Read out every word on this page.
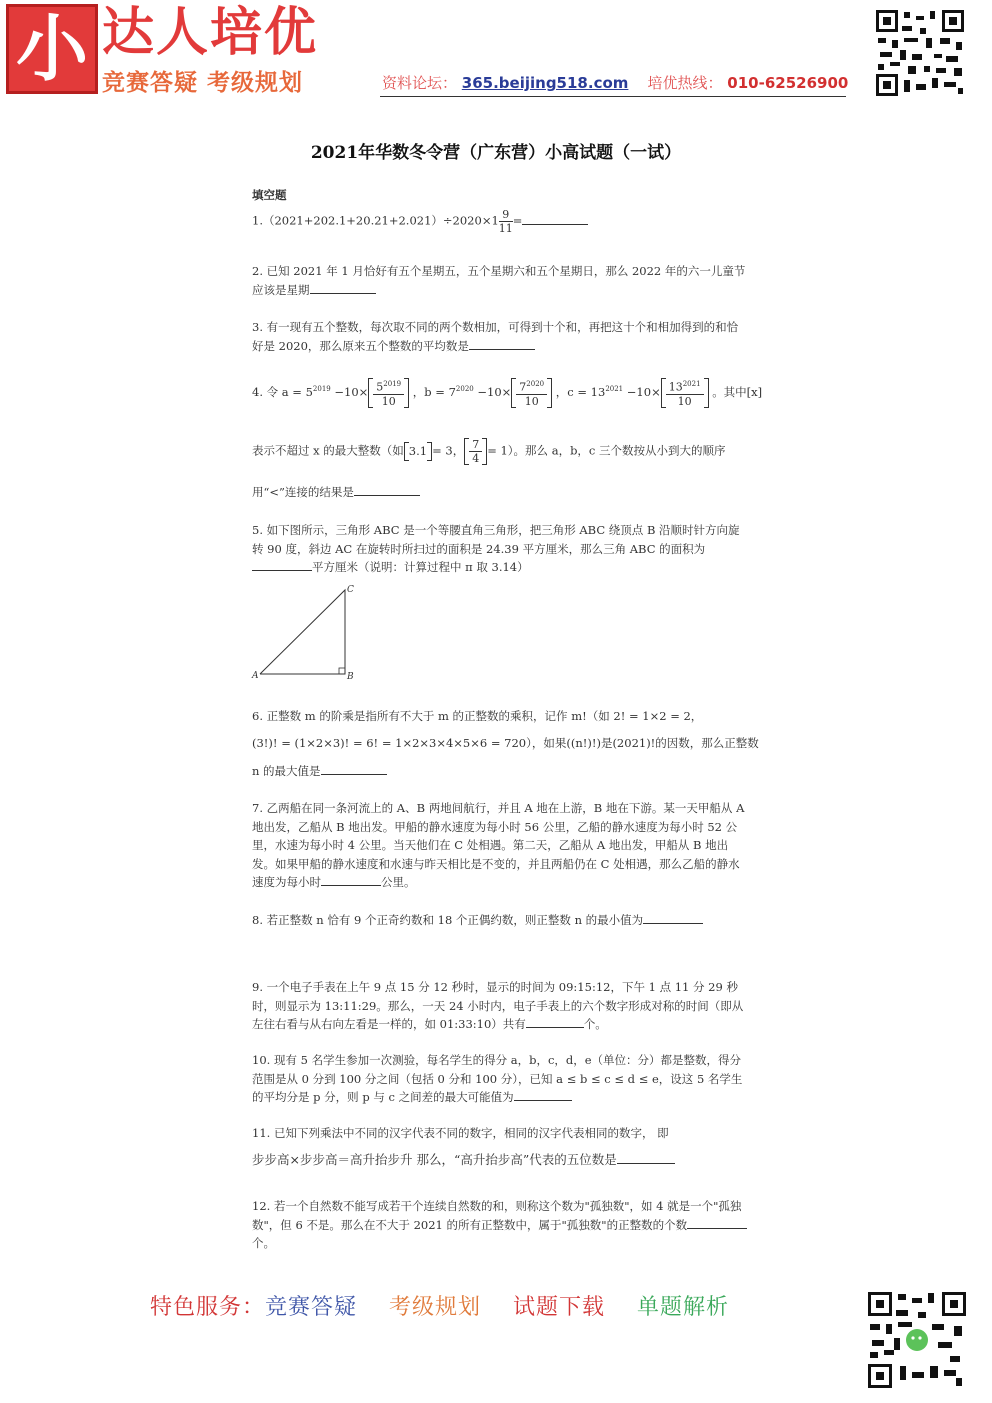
小 达人培优
竞赛答疑 考级规划	资料论坛： 365.beijing518.com 培优热线： 010-62526900
2021年华数冬令营（广东营）小高试题（一试）
填空题
$1.(2021+202.1+20.21+2.021)\div 2020\times 1 \frac{9}{11}$ =
2. 已知 2021 年 1 月恰好有五个星期五，五个星期六和五个星期日，那么 2022 年的六一儿童节应该是星期
3. 有一现有五个整数，每次取不同的两个数相加，可得到十个和，再把这十个和相加得到的和恰好是 2020，那么原来五个整数的平均数是
4. 令 $a = 5^{2019} -10\times \frac{5^{2019}}{10}$ ，$b = 7^{2020} -10\times \frac{7^{2020}}{10}$ ，$c = 13^{2021} -10\times \frac{13^{2021}}{10}$ 。其中[x]
表示不超过 x 的最大整数（如 3.1 = 3， $\frac{7}{4} = 1$）。那么 a，b，c 三个数按从小到大的顺序
用“<”连接的结果是
5. 如下图所示，三角形 ABC 是一个等腰直角三角形，把三角形 ABC 绕顶点 B 沿顺时针方向旋转 90 度，斜边 AC 在旋转时所扫过的面积是 24.39 平方厘米，那么三角 ABC 的面积为
平方厘米（说明：计算过程中 π 取 3.14）
A	B
C
6. 正整数 m 的阶乘是指所有不大于 m 的正整数的乘积，记作 m!（如 2! = 1×2 = 2，
(3!)! = (1×2×3)! = 6! = 1×2×3×4×5×6 = 720），如果((n!)!)是(2021)!的因数，那么正整数
n 的最大值是
7. 乙两船在同一条河流上的 A、B 两地间航行，并且 A 地在上游，B 地在下游。某一天甲船从 A 地出发，乙船从 B 地出发。甲船的静水速度为每小时 56 公里，乙船的静水速度为每小时 52 公里，水速为每小时 4 公里。当天他们在 C 处相遇。第二天，乙船从 A 地出发，甲船从 B 地出发。如果甲船的静水速度和水速与昨天相比是不变的，并且两船仍在 C 处相遇，那么乙船的静水速度为每小时	公里。
8. 若正整数 n 恰有 9 个正奇约数和 18 个正偶约数，则正整数 n 的最小值为
9. 一个电子手表在上午 9 点 15 分 12 秒时，显示的时间为 09:15:12，下午 1 点 11 分 29 秒时，则显示为 13:11:29。那么，一天 24 小时内，电子手表上的六个数字形成对称的时间（即从左往右看与从右向左看是一样的，如 01:33:10）共有	个。
10. 现有 5 名学生参加一次测验，每名学生的得分 a，b，c，d，e（单位：分）都是整数，得分范围是从 0 分到 100 分之间（包括 0 分和 100 分），已知 a ≤ b ≤ c ≤ d ≤ e，设这 5 名学生的平均分是 p 分，则 p 与 c 之间差的最大可能值为
11. 已知下列乘法中不同的汉字代表不同的数字，相同的汉字代表相同的数字， 即
步步高×步步高＝高升抬步升 那么，“高升抬步高”代表的五位数是
12. 若一个自然数不能写成若干个连续自然数的和，则称这个数为"孤独数"，如 4 就是一个"孤独数"，但 6 不是。那么在不大于 2021 的所有正整数中，属于"孤独数"的正整数的个数个。
特色服务：竞赛答疑 考级规划 试题下载 单题解析
